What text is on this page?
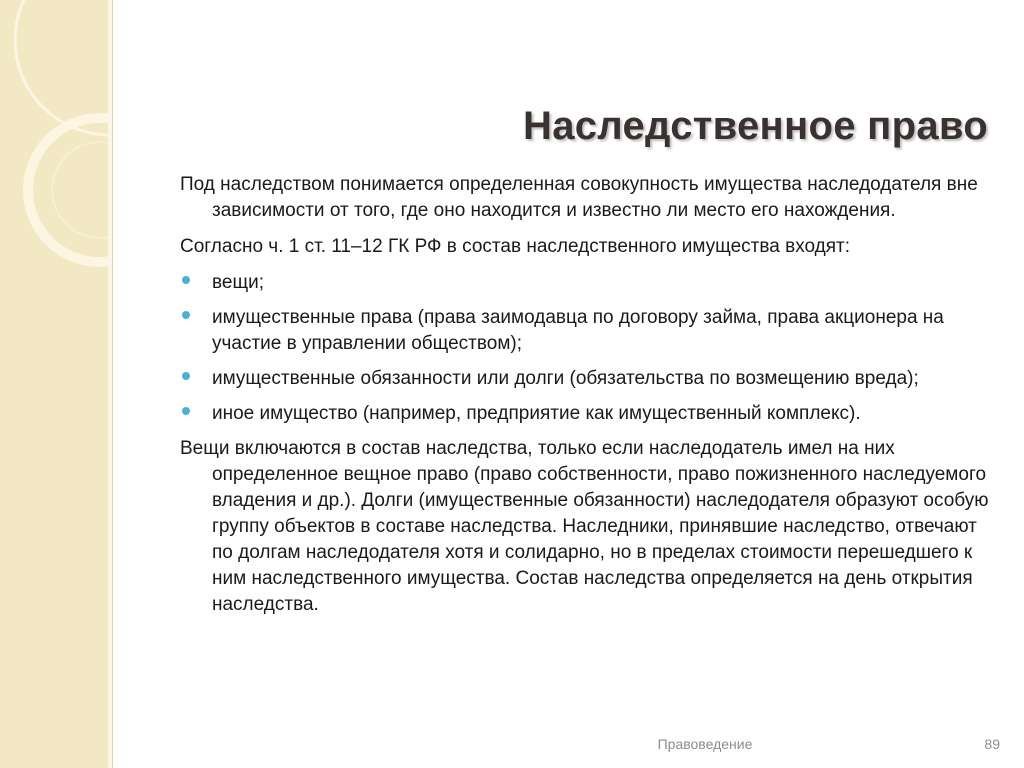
Наследственное право

Под наследством понимается определенная совокупность имущества наследодателя вне зависимости от того, где оно находится и известно ли место его нахождения.

Согласно ч. 1 ст. 11–12 ГК РФ в состав наследственного имущества входят:

вещи;
имущественные права (права заимодавца по договору займа, права акционера на участие в управлении обществом);
имущественные обязанности или долги (обязательства по возмещению вреда);
иное имущество (например, предприятие как имущественный комплекс).

Вещи включаются в состав наследства, только если наследодатель имел на них определенное вещное право (право собственности, право пожизненного наследуемого владения и др.). Долги (имущественные обязанности) наследодателя образуют особую группу объектов в составе наследства. Наследники, принявшие наследство, отвечают по долгам наследодателя хотя и солидарно, но в пределах стоимости перешедшего к ним наследственного имущества. Состав наследства определяется на день открытия наследства.

Правоведение	89
